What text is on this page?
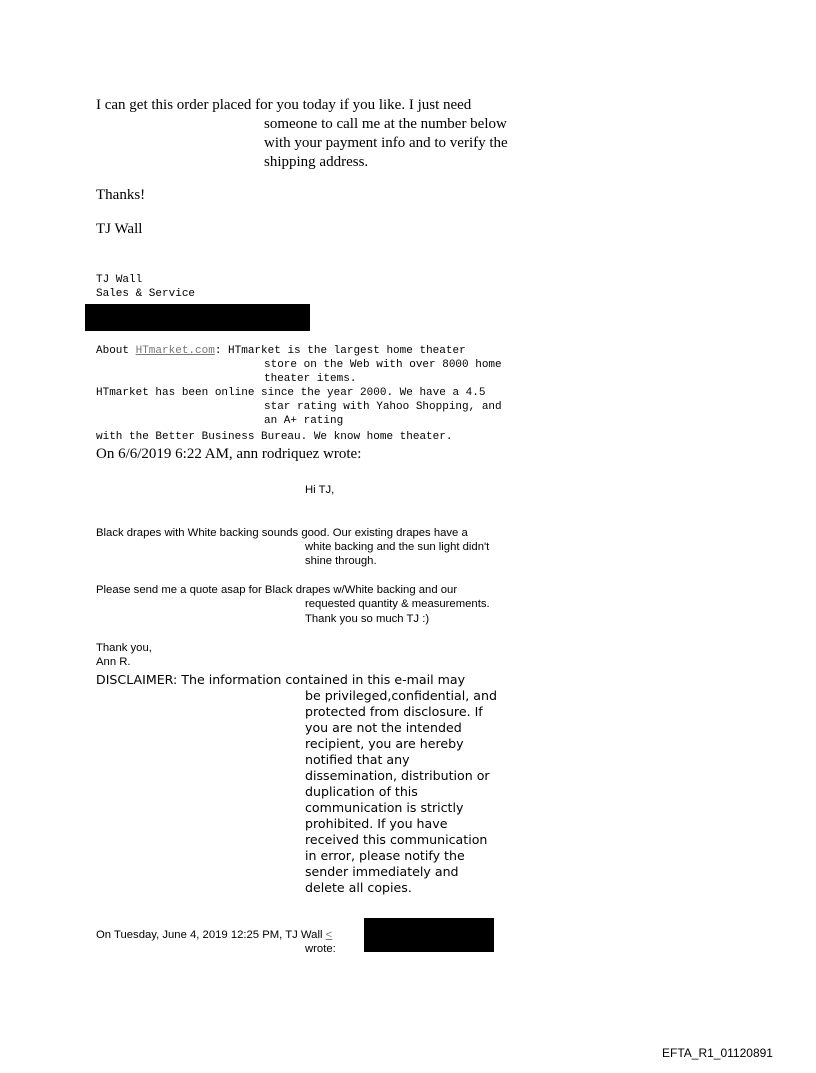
I can get this order placed for you today if you like. I just need
someone to call me at the number below
with your payment info and to verify the
shipping address.
Thanks!
TJ Wall
TJ Wall
Sales & Service
About HTmarket.com: HTmarket is the largest home theater
store on the Web with over 8000 home
theater items.
HTmarket has been online since the year 2000. We have a 4.5
star rating with Yahoo Shopping, and
an A+ rating
with the Better Business Bureau. We know home theater.
On 6/6/2019 6:22 AM, ann rodriquez wrote:
Hi TJ,
Black drapes with White backing sounds good. Our existing drapes have a
white backing and the sun light didn't
shine through.
Please send me a quote asap for Black drapes w/White backing and our
requested quantity & measurements.
Thank you so much TJ :)
Thank you,
Ann R.
DISCLAIMER: The information contained in this e-mail may
be privileged,confidential, and
protected from disclosure. If
you are not the intended
recipient, you are hereby
notified that any
dissemination, distribution or
duplication of this
communication is strictly
prohibited. If you have
received this communication
in error, please notify the
sender immediately and
delete all copies.
On Tuesday, June 4, 2019 12:25 PM, TJ Wall <
wrote:
EFTA_R1_01120891
